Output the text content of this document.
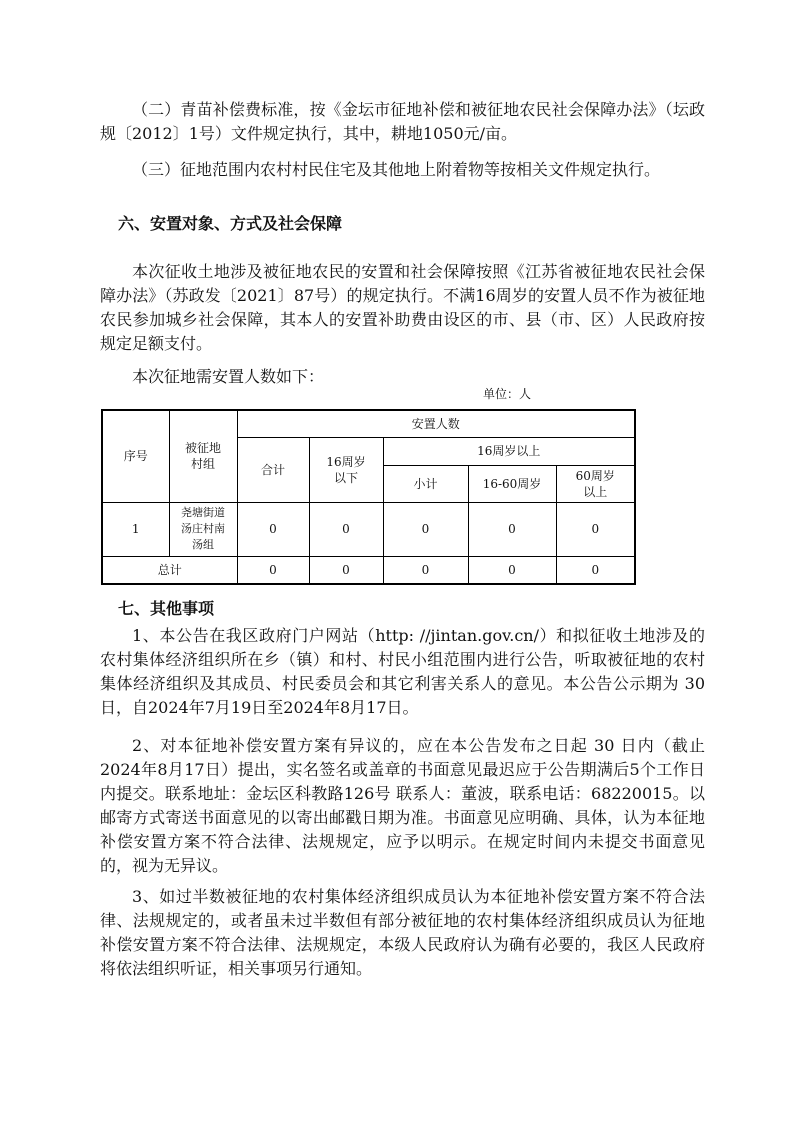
（二）青苗补偿费标准，按《金坛市征地补偿和被征地农民社会保障办法》（坛政规〔2012〕1号）文件规定执行，其中，耕地1050元/亩。

（三）征地范围内农村村民住宅及其他地上附着物等按相关文件规定执行。

六、安置对象、方式及社会保障

本次征收土地涉及被征地农民的安置和社会保障按照《江苏省被征地农民社会保障办法》（苏政发〔2021〕87号）的规定执行。不满16周岁的安置人员不作为被征地农民参加城乡社会保障，其本人的安置补助费由设区的市、县（市、区）人民政府按规定足额支付。

本次征地需安置人数如下：

单位：人
序号	被征地村组	安置人数				
		合计	16周岁以下	16周岁以上		
				小计	16-60周岁	60周岁以上

1	尧塘街道汤庄村南汤组	0	0	0	0	0
总计		0	0	0	0	0

七、其他事项

1、本公告在我区政府门户网站（http: //jintan.gov.cn/）和拟征收土地涉及的农村集体经济组织所在乡（镇）和村、村民小组范围内进行公告，听取被征地的农村集体经济组织及其成员、村民委员会和其它利害关系人的意见。本公告公示期为 30 日，自2024年7月19日至2024年8月17日。

2、对本征地补偿安置方案有异议的，应在本公告发布之日起 30 日内（截止2024年8月17日）提出，实名签名或盖章的书面意见最迟应于公告期满后5个工作日内提交。联系地址：金坛区科教路126号 联系人：董波，联系电话：68220015。以邮寄方式寄送书面意见的以寄出邮戳日期为准。书面意见应明确、具体，认为本征地补偿安置方案不符合法律、法规规定，应予以明示。在规定时间内未提交书面意见的，视为无异议。

3、如过半数被征地的农村集体经济组织成员认为本征地补偿安置方案不符合法律、法规规定的，或者虽未过半数但有部分被征地的农村集体经济组织成员认为征地补偿安置方案不符合法律、法规规定，本级人民政府认为确有必要的，我区人民政府将依法组织听证，相关事项另行通知。
